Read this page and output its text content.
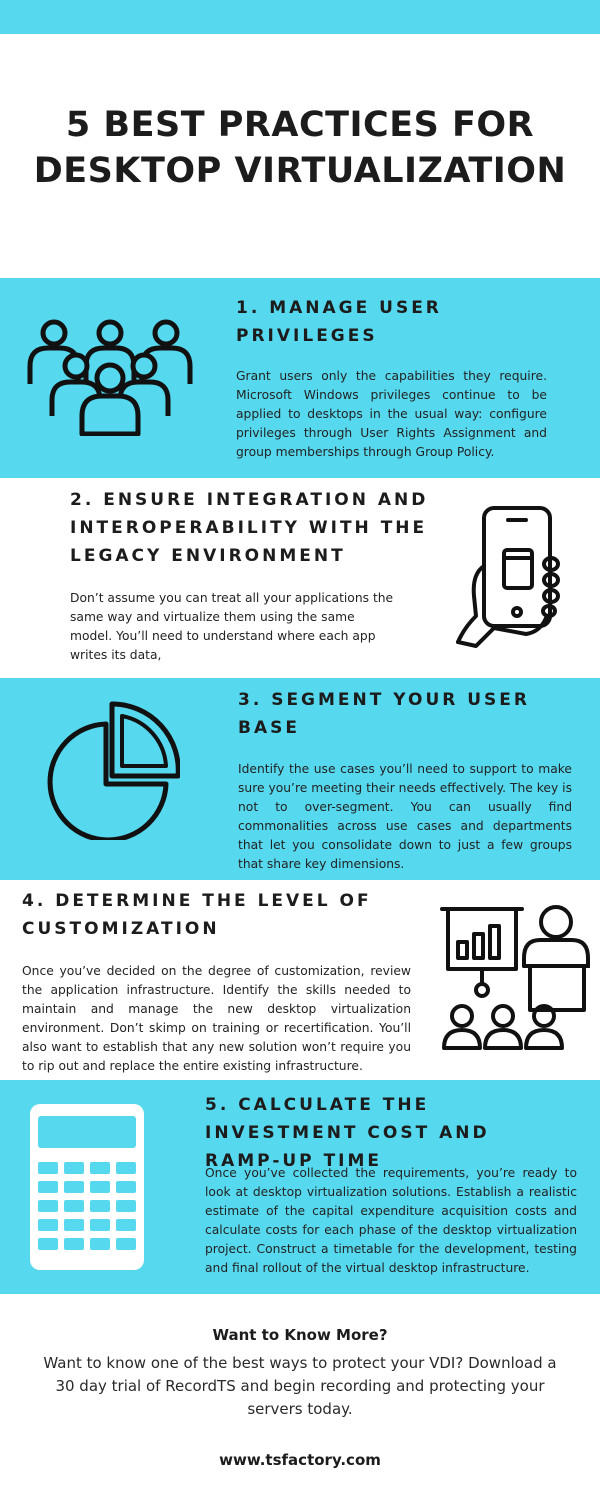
5 BEST PRACTICES FOR DESKTOP VIRTUALIZATION
1. MANAGE USER PRIVILEGES
Grant users only the capabilities they require. Microsoft Windows privileges continue to be applied to desktops in the usual way: configure privileges through User Rights Assignment and group memberships through Group Policy.
2. ENSURE INTEGRATION AND INTEROPERABILITY WITH THE LEGACY ENVIRONMENT
Don’t assume you can treat all your applications the same way and virtualize them using the same model. You’ll need to understand where each app writes its data,
3. SEGMENT YOUR USER BASE
Identify the use cases you’ll need to support to make sure you’re meeting their needs effectively. The key is not to over-segment. You can usually find commonalities across use cases and departments that let you consolidate down to just a few groups that share key dimensions.
4. DETERMINE THE LEVEL OF CUSTOMIZATION
Once you’ve decided on the degree of customization, review the application infrastructure. Identify the skills needed to maintain and manage the new desktop virtualization environment. Don’t skimp on training or recertification. You’ll also want to establish that any new solution won’t require you to rip out and replace the entire existing infrastructure.
5. CALCULATE THE INVESTMENT COST AND RAMP-UP TIME
Once you’ve collected the requirements, you’re ready to look at desktop virtualization solutions. Establish a realistic estimate of the capital expenditure acquisition costs and calculate costs for each phase of the desktop virtualization project. Construct a timetable for the development, testing and final rollout of the virtual desktop infrastructure.
Want to Know More?
Want to know one of the best ways to protect your VDI? Download a 30 day trial of RecordTS and begin recording and protecting your servers today.
www.tsfactory.com
